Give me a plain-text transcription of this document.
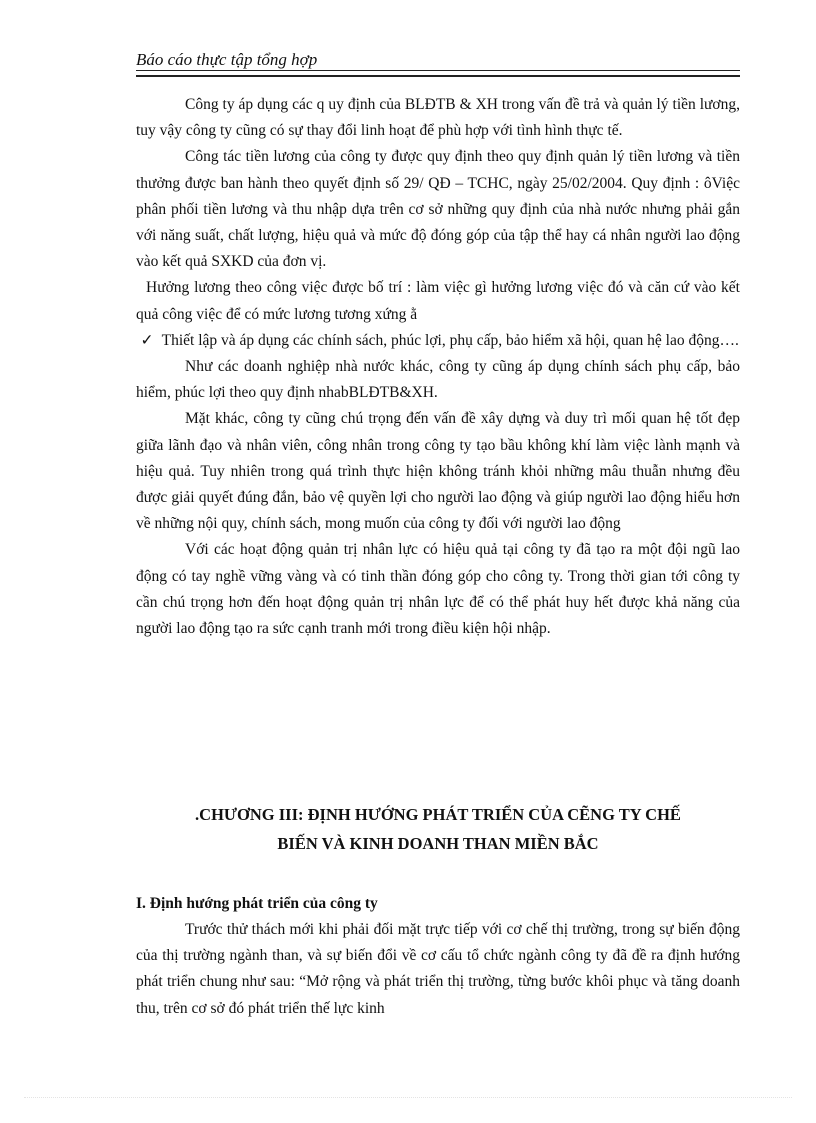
Báo cáo thực tập tổng hợp

Công ty áp dụng các q uy định của BLĐTB & XH trong vấn đề trả và quản lý tiền lương, tuy vậy công ty cũng có sự thay đổi linh hoạt để phù hợp với tình hình thực tế.

Công tác tiền lương của công ty được quy định theo quy định quản lý tiền lương và tiền thưởng được ban hành theo quyết định số 29/ QĐ – TCHC, ngày 25/02/2004. Quy định : ôViệc phân phối tiền lương và thu nhập dựa trên cơ sở những quy định của nhà nước nhưng phải gắn với năng suất, chất lượng, hiệu quả và mức độ đóng góp của tập thể hay cá nhân người lao động vào kết quả SXKD của đơn vị.

Hưởng lương theo công việc được bố trí : làm việc gì hưởng lương việc đó và căn cứ vào kết quả công việc để có mức lương tương xứng ằ

✓ Thiết lập và áp dụng các chính sách, phúc lợi, phụ cấp, bảo hiểm xã hội, quan hệ lao động….

Như các doanh nghiệp nhà nước khác, công ty cũng áp dụng chính sách phụ cấp, bảo hiểm, phúc lợi theo quy định nhabBLĐTB&XH.

Mặt khác, công ty cũng chú trọng đến vấn đề xây dựng và duy trì mối quan hệ tốt đẹp giữa lãnh đạo và nhân viên, công nhân trong công ty tạo bầu không khí làm việc lành mạnh và hiệu quả. Tuy nhiên trong quá trình thực hiện không tránh khỏi những mâu thuẫn nhưng đều được giải quyết đúng đắn, bảo vệ quyền lợi cho người lao động và giúp người lao động hiểu hơn về những nội quy, chính sách, mong muốn của công ty đối với người lao động

Với các hoạt động quản trị nhân lực có hiệu quả tại công ty đã tạo ra một đội ngũ lao động có tay nghề vững vàng và có tinh thần đóng góp cho công ty. Trong thời gian tới công ty cần chú trọng hơn đến hoạt động quản trị nhân lực để có thể phát huy hết được khả năng của người lao động tạo ra sức cạnh tranh mới trong điều kiện hội nhập.

.CHƯƠNG III: ĐỊNH HƯỚNG PHÁT TRIỂN CỦA CẼNG TY CHẾ
BIẾN VÀ KINH DOANH THAN MIỀN BẮC
I. Định hướng phát triển của công ty

Trước thử thách mới khi phải đối mặt trực tiếp với cơ chế thị trường, trong sự biến động của thị trường ngành than, và sự biến đổi về cơ cấu tổ chức ngành công ty đã đề ra định hướng phát triển chung như sau: “Mở rộng và phát triển thị trường, từng bước khôi phục và tăng doanh thu, trên cơ sở đó phát triển thế lực kinh
